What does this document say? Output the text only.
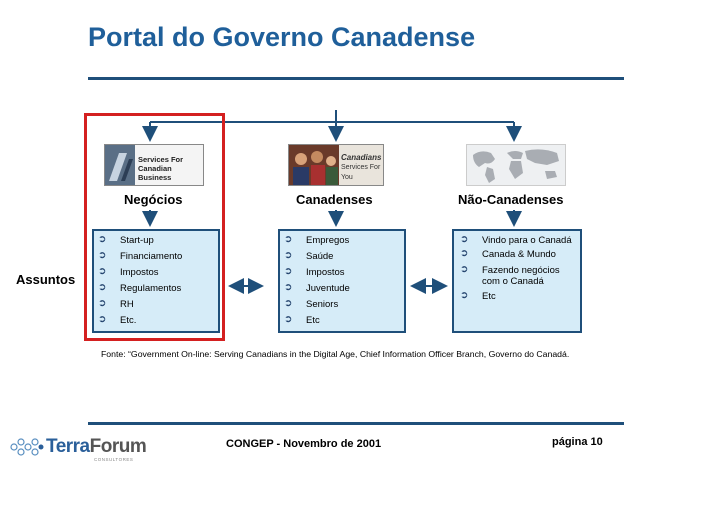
Portal do Governo Canadense
Services For
Canadian Business
Canadians
Services For You
Negócios	Canadenses	Não-Canadenses
Assuntos
➲ Start-up
➲ Financiamento
➲ Impostos
➲ Regulamentos
➲ RH
➲ Etc.
➲ Empregos
➲ Saúde
➲ Impostos
➲ Juventude
➲ Seniors
➲ Etc
➲ Vindo para o Canadá
➲ Canada & Mundo
➲ Fazendo negócios com o Canadá
➲ Etc
Fonte: “Government On-line: Serving Canadians in the Digital Age, Chief Information Officer Branch, Governo do Canadá.
TerraForum
CONSULTORES
CONGEP - Novembro de 2001	página 10
